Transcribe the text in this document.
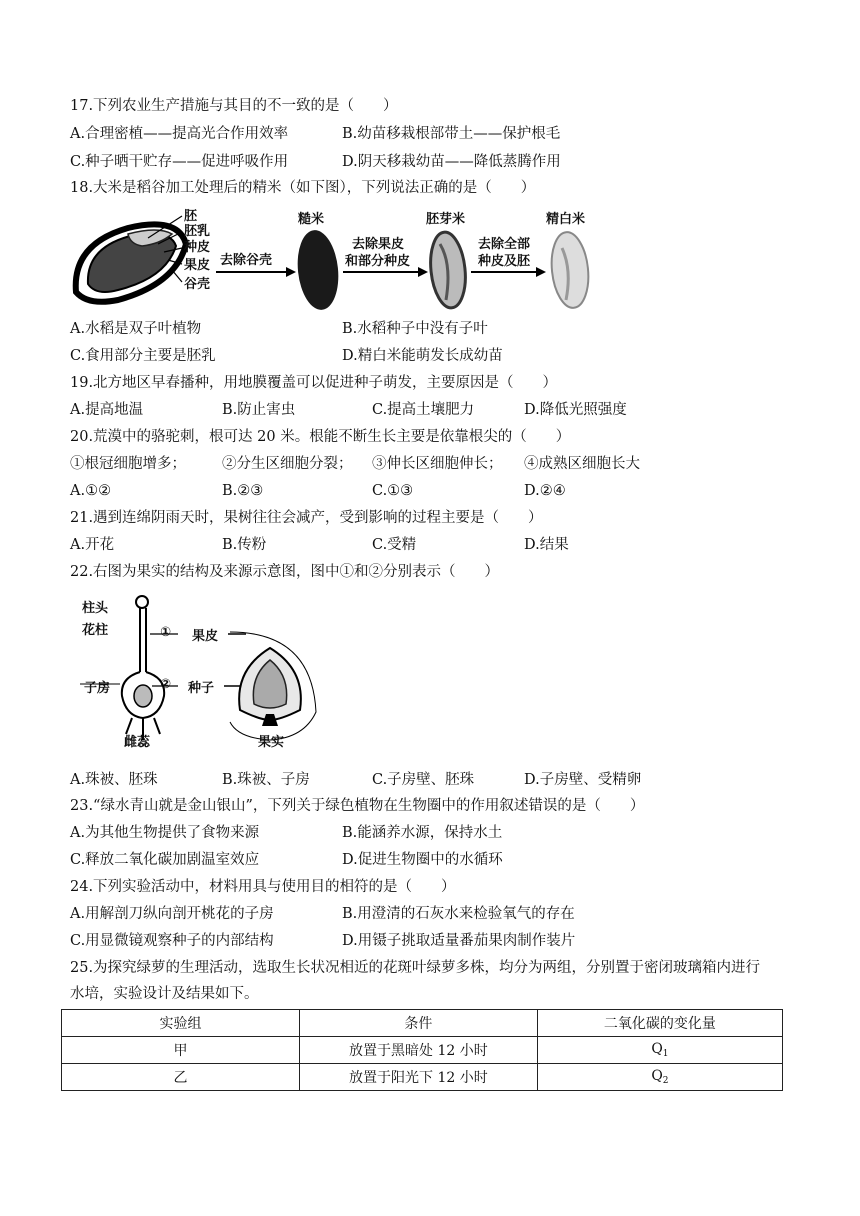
17.下列农业生产措施与其目的不一致的是（　　）
A.合理密植——提高光合作用效率	B.幼苗移栽根部带土——保护根毛
C.种子晒干贮存——促进呼吸作用	D.阴天移栽幼苗——降低蒸腾作用
18.大米是稻谷加工处理后的精米（如下图），下列说法正确的是（　　）
胚
胚乳
种皮
果皮
谷壳
去除谷壳
糙米
去除果皮
和部分种皮
胚芽米
去除全部
种皮及胚
精白米
A.水稻是双子叶植物	B.水稻种子中没有子叶
C.食用部分主要是胚乳	D.精白米能萌发长成幼苗
19.北方地区早春播种，用地膜覆盖可以促进种子萌发，主要原因是（　　）
A.提高地温	B.防止害虫	C.提高土壤肥力	D.降低光照强度
20.荒漠中的骆驼刺，根可达 20 米。根能不断生长主要是依靠根尖的（　　）
①根冠细胞增多； ②分生区细胞分裂； ③伸长区细胞伸长； ④成熟区细胞长大
A.①②	B.②③	C.①③	D.②④
21.遇到连绵阴雨天时，果树往往会减产，受到影响的过程主要是（　　）
A.开花	B.传粉	C.受精	D.结果
22.右图为果实的结构及来源示意图，图中①和②分别表示（　　）
柱头
花柱	① 果皮
子房	② 种子
雌蕊	果实
A.珠被、胚珠	B.珠被、子房	C.子房壁、胚珠	D.子房壁、受精卵
23.“绿水青山就是金山银山”，下列关于绿色植物在生物圈中的作用叙述错误的是（　　）
A.为其他生物提供了食物来源	B.能涵养水源，保持水土
C.释放二氧化碳加剧温室效应	D.促进生物圈中的水循环
24.下列实验活动中，材料用具与使用目的相符的是（　　）
A.用解剖刀纵向剖开桃花的子房	B.用澄清的石灰水来检验氧气的存在
C.用显微镜观察种子的内部结构	D.用镊子挑取适量番茄果肉制作装片
25.为探究绿萝的生理活动，选取生长状况相近的花斑叶绿萝多株，均分为两组，分别置于密闭玻璃箱内进行
水培，实验设计及结果如下。
实验组	条件	二氧化碳的变化量
甲	放置于黑暗处 12 小时	$Q_1$
乙	放置于阳光下 12 小时	$Q_2$
